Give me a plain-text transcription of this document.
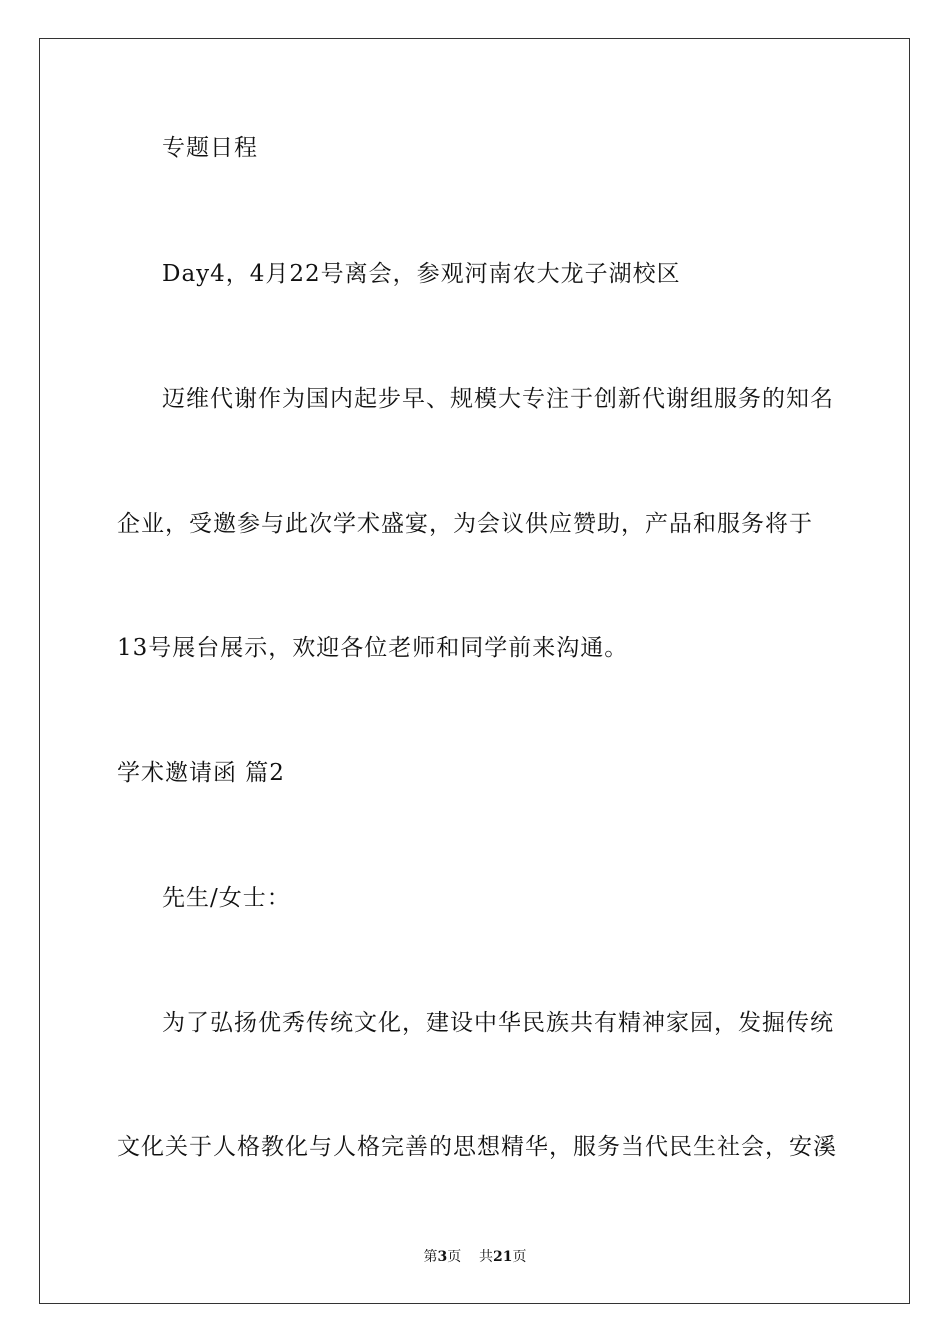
专题日程
Day4，4月22号离会，参观河南农大龙子湖校区
迈维代谢作为国内起步早、规模大专注于创新代谢组服务的知名
企业，受邀参与此次学术盛宴，为会议供应赞助，产品和服务将于
13号展台展示，欢迎各位老师和同学前来沟通。
学术邀请函 篇2
先生/女士：
为了弘扬优秀传统文化，建设中华民族共有精神家园，发掘传统
文化关于人格教化与人格完善的思想精华，服务当代民生社会，安溪
第3页 共21页
